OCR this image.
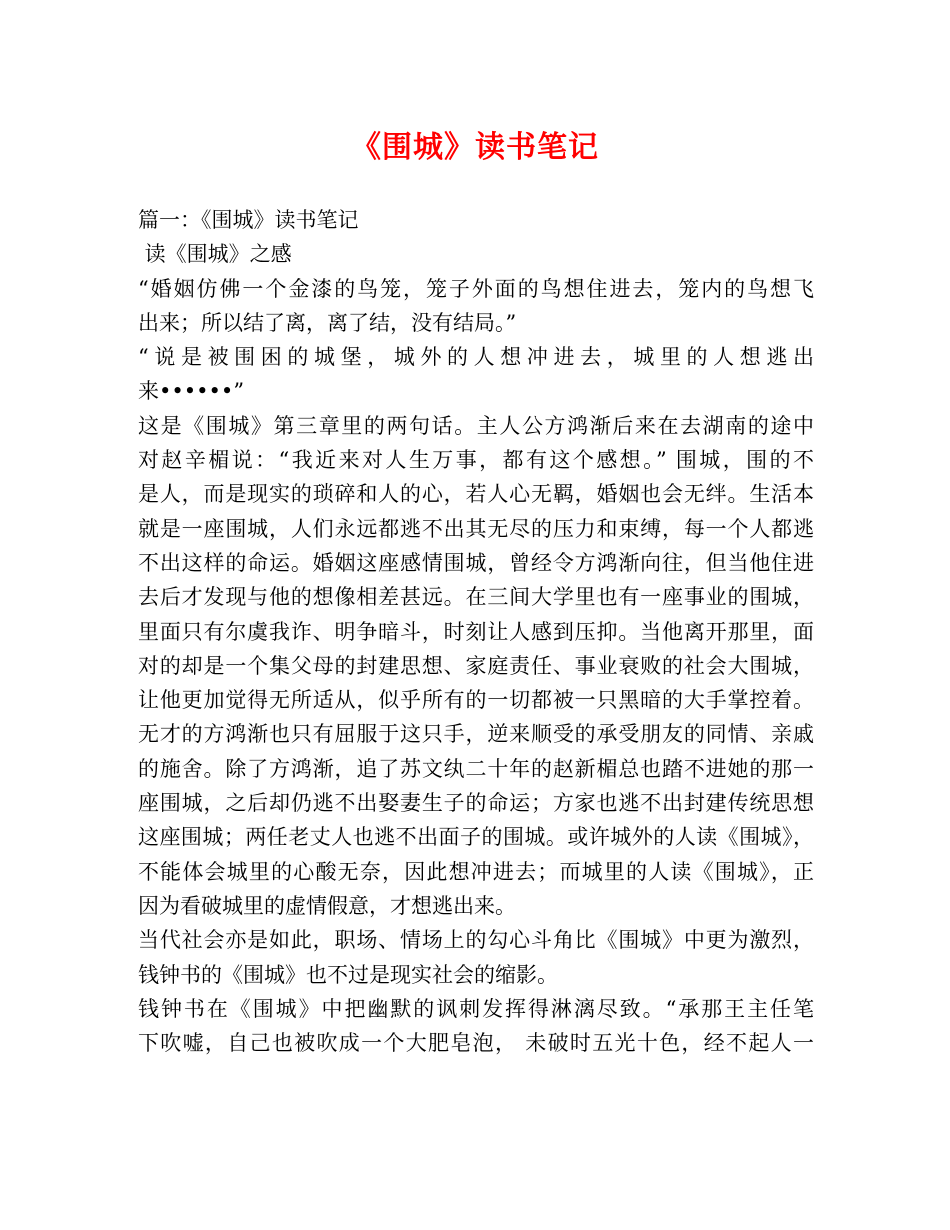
《围城》读书笔记
篇一：《围城》读书笔记
读《围城》之感
“婚姻仿佛一个金漆的鸟笼，笼子外面的鸟想住进去，笼内的鸟想飞
出来；所以结了离，离了结，没有结局。”
“说是被围困的城堡，城外的人想冲进去，城里的人想逃出
来••••••”
这是《围城》第三章里的两句话。主人公方鸿渐后来在去湖南的途中
对赵辛楣说：“我近来对人生万事，都有这个感想。” 围城，围的不
是人，而是现实的琐碎和人的心，若人心无羁，婚姻也会无绊。生活本
就是一座围城，人们永远都逃不出其无尽的压力和束缚，每一个人都逃
不出这样的命运。婚姻这座感情围城，曾经令方鸿渐向往，但当他住进
去后才发现与他的想像相差甚远。在三间大学里也有一座事业的围城，
里面只有尔虞我诈、明争暗斗，时刻让人感到压抑。当他离开那里，面
对的却是一个集父母的封建思想、家庭责任、事业衰败的社会大围城，
让他更加觉得无所适从，似乎所有的一切都被一只黑暗的大手掌控着。
无才的方鸿渐也只有屈服于这只手，逆来顺受的承受朋友的同情、亲戚
的施舍。除了方鸿渐，追了苏文纨二十年的赵新楣总也踏不进她的那一
座围城，之后却仍逃不出娶妻生子的命运；方家也逃不出封建传统思想
这座围城；两任老丈人也逃不出面子的围城。或许城外的人读《围城》，
不能体会城里的心酸无奈，因此想冲进去；而城里的人读《围城》，正
因为看破城里的虚情假意，才想逃出来。
当代社会亦是如此，职场、情场上的勾心斗角比《围城》中更为激烈，
钱钟书的《围城》也不过是现实社会的缩影。
钱钟书在《围城》中把幽默的讽刺发挥得淋漓尽致。“承那王主任笔
下吹嘘，自己也被吹成一个大肥皂泡， 未破时五光十色，经不起人一
